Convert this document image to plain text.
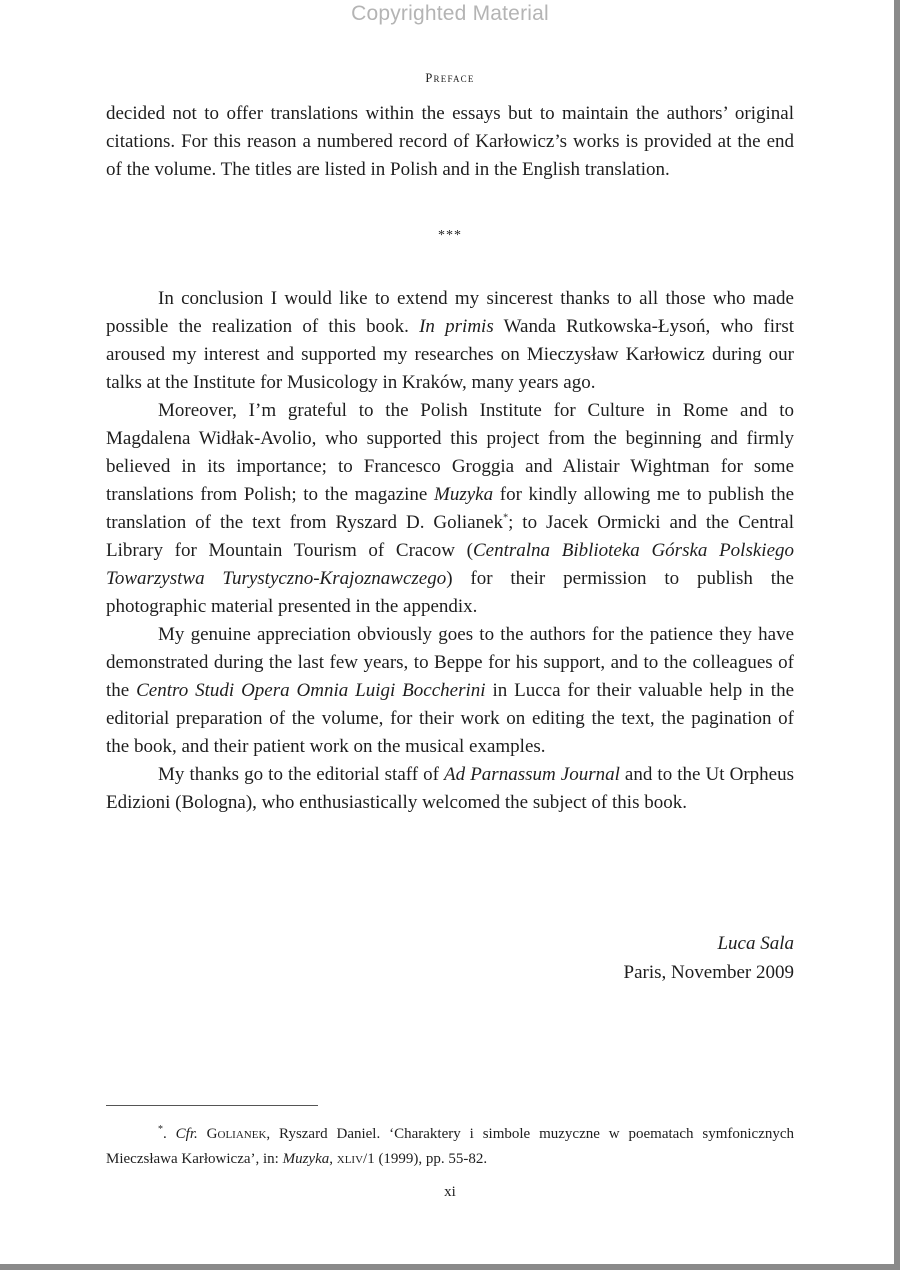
Copyrighted Material
Preface

decided not to offer translations within the essays but to maintain the authors’ original citations. For this reason a numbered record of Karłowicz’s works is provided at the end of the volume. The titles are listed in Polish and in the English translation.

***

In conclusion I would like to extend my sincerest thanks to all those who made possible the realization of this book. In primis Wanda Rutkowska-Łysoń, who first aroused my interest and supported my researches on Mieczysław Karłowicz during our talks at the Institute for Musicology in Kraków, many years ago.

Moreover, I’m grateful to the Polish Institute for Culture in Rome and to Magdalena Widłak-Avolio, who supported this project from the beginning and firmly believed in its importance; to Francesco Groggia and Alistair Wightman for some translations from Polish; to the magazine Muzyka for kindly allowing me to publish the translation of the text from Ryszard D. Golianek*; to Jacek Ormicki and the Central Library for Mountain Tourism of Cracow (Centralna Biblioteka Górska Polskiego Towarzystwa Turystyczno-Krajoznawczego) for their permission to publish the photographic material presented in the appendix.

My genuine appreciation obviously goes to the authors for the patience they have demonstrated during the last few years, to Beppe for his support, and to the colleagues of the Centro Studi Opera Omnia Luigi Boccherini in Lucca for their valuable help in the editorial preparation of the volume, for their work on editing the text, the pagination of the book, and their patient work on the musical examples.

My thanks go to the editorial staff of Ad Parnassum Journal and to the Ut Orpheus Edizioni (Bologna), who enthusiastically welcomed the subject of this book.

Luca Sala
Paris, November 2009

*. Cfr. Golianek, Ryszard Daniel. ‘Charaktery i simbole muzyczne w poematach symfonicznych Mieczsława Karłowicza’, in: Muzyka, xliv/1 (1999), pp. 55-82.

xi
